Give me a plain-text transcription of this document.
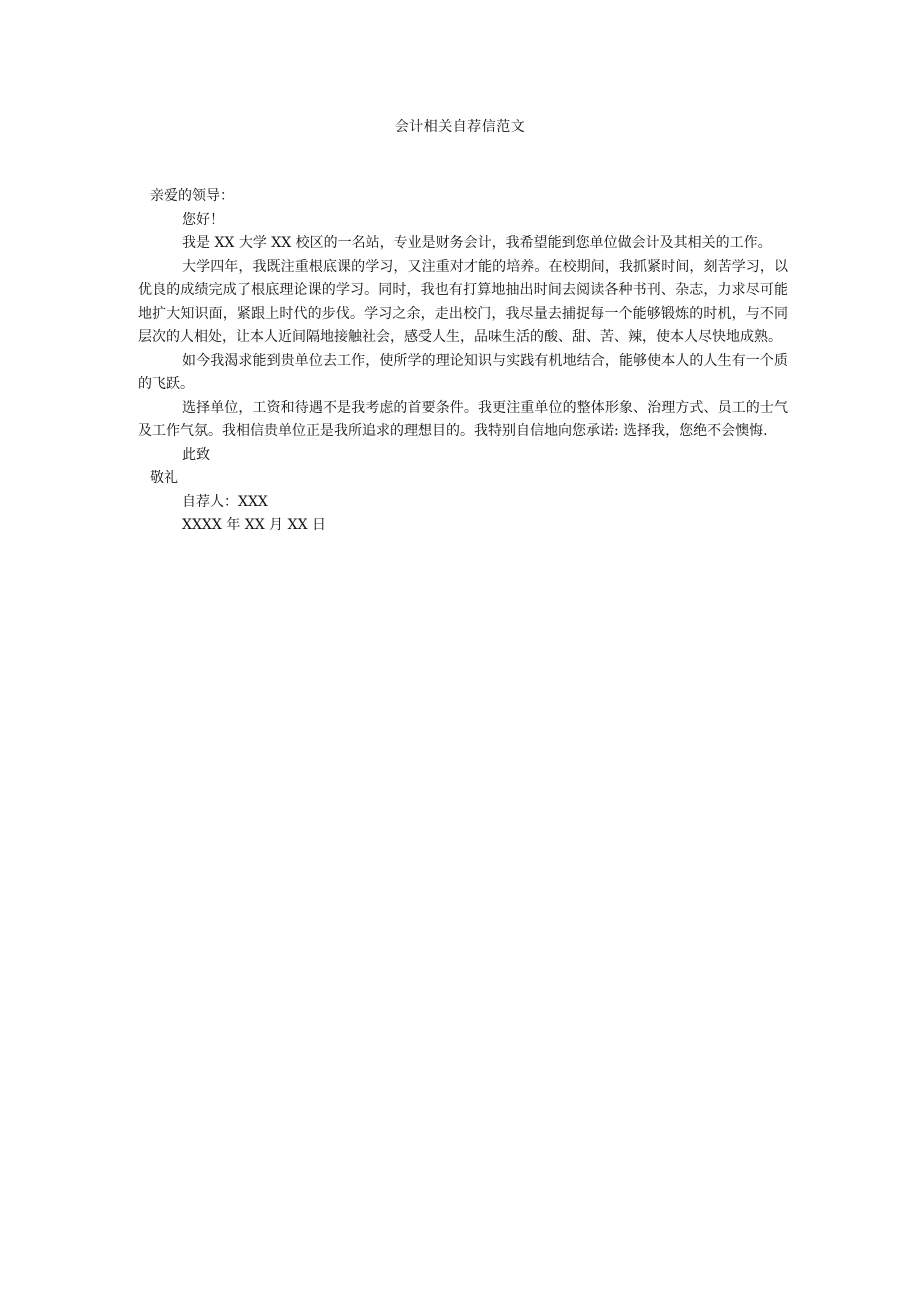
会计相关自荐信范文
亲爱的领导：
您好！

我是 XX 大学 XX 校区的一名站，专业是财务会计，我希望能到您单位做会计及其相关的工作。

大学四年，我既注重根底课的学习，又注重对才能的培养。在校期间，我抓紧时间，刻苦学习，以优良的成绩完成了根底理论课的学习。同时，我也有打算地抽出时间去阅读各种书刊、杂志，力求尽可能地扩大知识面，紧跟上时代的步伐。学习之余，走出校门，我尽量去捕捉每一个能够锻炼的时机，与不同层次的人相处，让本人近间隔地接触社会，感受人生，品味生活的酸、甜、苦、辣，使本人尽快地成熟。

如今我渴求能到贵单位去工作，使所学的理论知识与实践有机地结合，能够使本人的人生有一个质的飞跃。

选择单位，工资和待遇不是我考虑的首要条件。我更注重单位的整体形象、治理方式、员工的士气及工作气氛。我相信贵单位正是我所追求的理想目的。我特别自信地向您承诺: 选择我，您绝不会懊悔.

此致
敬礼
自荐人：XXX
XXXX 年 XX 月 XX 日
